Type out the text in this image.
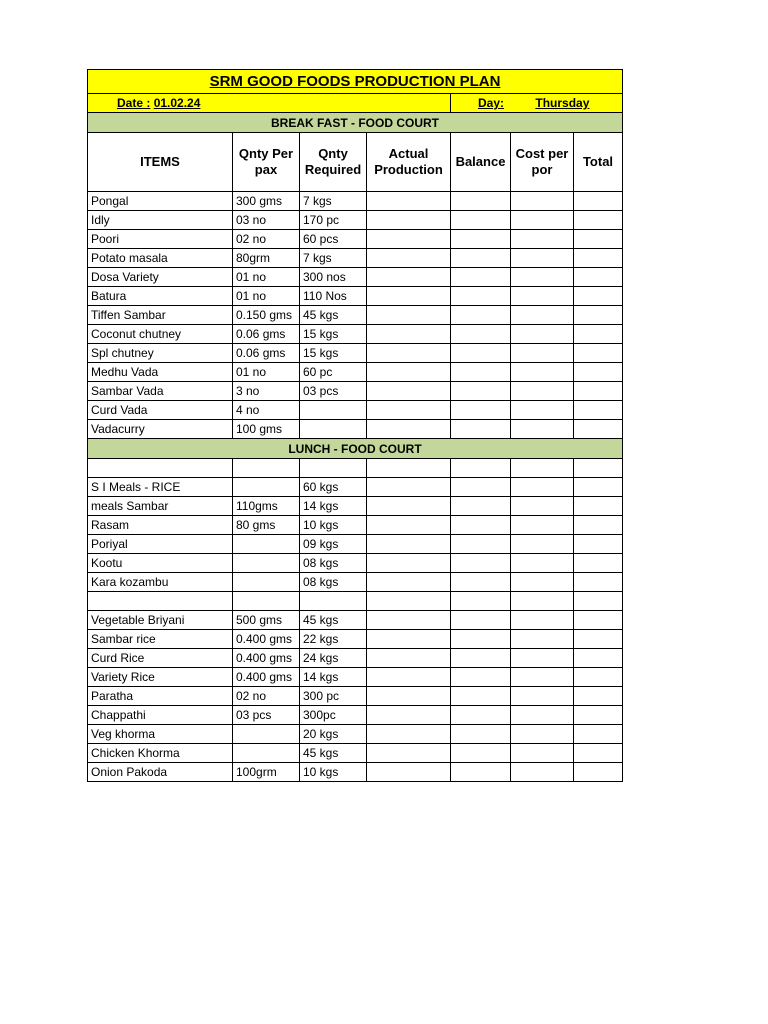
SRM GOOD FOODS PRODUCTION PLAN						
Date : 01.02.24				Day: Thursday		
BREAK FAST - FOOD COURT						
ITEMS	Qnty Per pax	Qnty Required	Actual Production	Balance	Cost per por	Total
Pongal	300 gms	7 kgs				
Idly	03 no	170 pc				
Poori	02 no	60 pcs				
Potato masala	80grm	7 kgs				
Dosa Variety	01 no	300 nos				
Batura	01 no	110 Nos				
Tiffen Sambar	0.150 gms	45 kgs				
Coconut chutney	0.06 gms	15 kgs				
Spl chutney	0.06 gms	15 kgs				
Medhu Vada	01 no	60 pc				
Sambar Vada	3 no	03 pcs				
Curd Vada	4 no					
Vadacurry	100 gms					
LUNCH - FOOD COURT						

S I Meals - RICE		60 kgs				
meals Sambar	110gms	14 kgs				
Rasam	80 gms	10 kgs				
Poriyal		09 kgs				
Kootu		08 kgs				
Kara kozambu		08 kgs				

Vegetable Briyani	500 gms	45 kgs				
Sambar rice	0.400 gms	22 kgs				
Curd Rice	0.400 gms	24 kgs				
Variety Rice	0.400 gms	14 kgs				
Paratha	02 no	300 pc				
Chappathi	03 pcs	300pc				
Veg khorma		20 kgs				
Chicken Khorma		45 kgs				
Onion Pakoda	100grm	10 kgs				
